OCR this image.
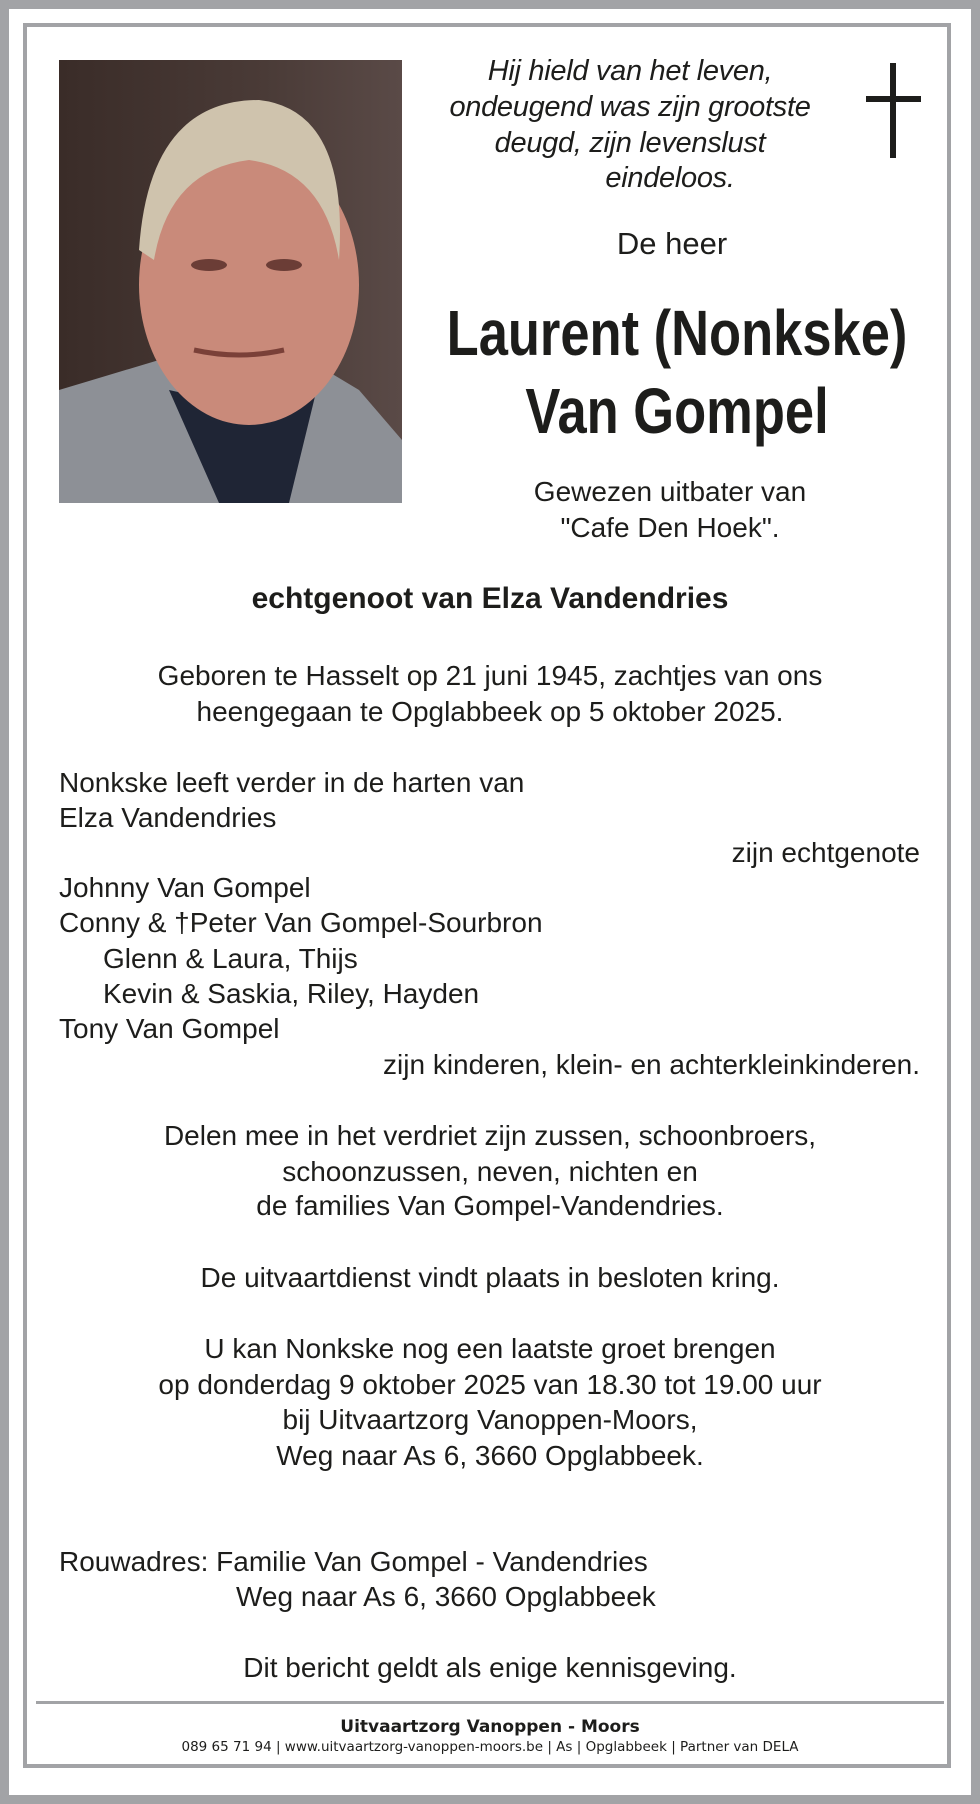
Hij hield van het leven,
ondeugend was zijn grootste
deugd, zijn levenslust
eindeloos.
De heer
Laurent (Nonkske)
Van Gompel
Gewezen uitbater van
"Cafe Den Hoek".
echtgenoot van Elza Vandendries
Geboren te Hasselt op 21 juni 1945, zachtjes van ons
heengegaan te Opglabbeek op 5 oktober 2025.
Nonkske leeft verder in de harten van
Elza Vandendries
zijn echtgenote
Johnny Van Gompel
Conny & †Peter Van Gompel-Sourbron
Glenn & Laura, Thijs
Kevin & Saskia, Riley, Hayden
Tony Van Gompel
zijn kinderen, klein- en achterkleinkinderen.
Delen mee in het verdriet zijn zussen, schoonbroers,
schoonzussen, neven, nichten en
de families Van Gompel-Vandendries.
De uitvaartdienst vindt plaats in besloten kring.
U kan Nonkske nog een laatste groet brengen
op donderdag 9 oktober 2025 van 18.30 tot 19.00 uur
bij Uitvaartzorg Vanoppen-Moors,
Weg naar As 6, 3660 Opglabbeek.
Rouwadres: Familie Van Gompel - Vandendries
Weg naar As 6, 3660 Opglabbeek
Dit bericht geldt als enige kennisgeving.
Uitvaartzorg Vanoppen - Moors
089 65 71 94 | www.uitvaartzorg-vanoppen-moors.be | As | Opglabbeek | Partner van DELA
